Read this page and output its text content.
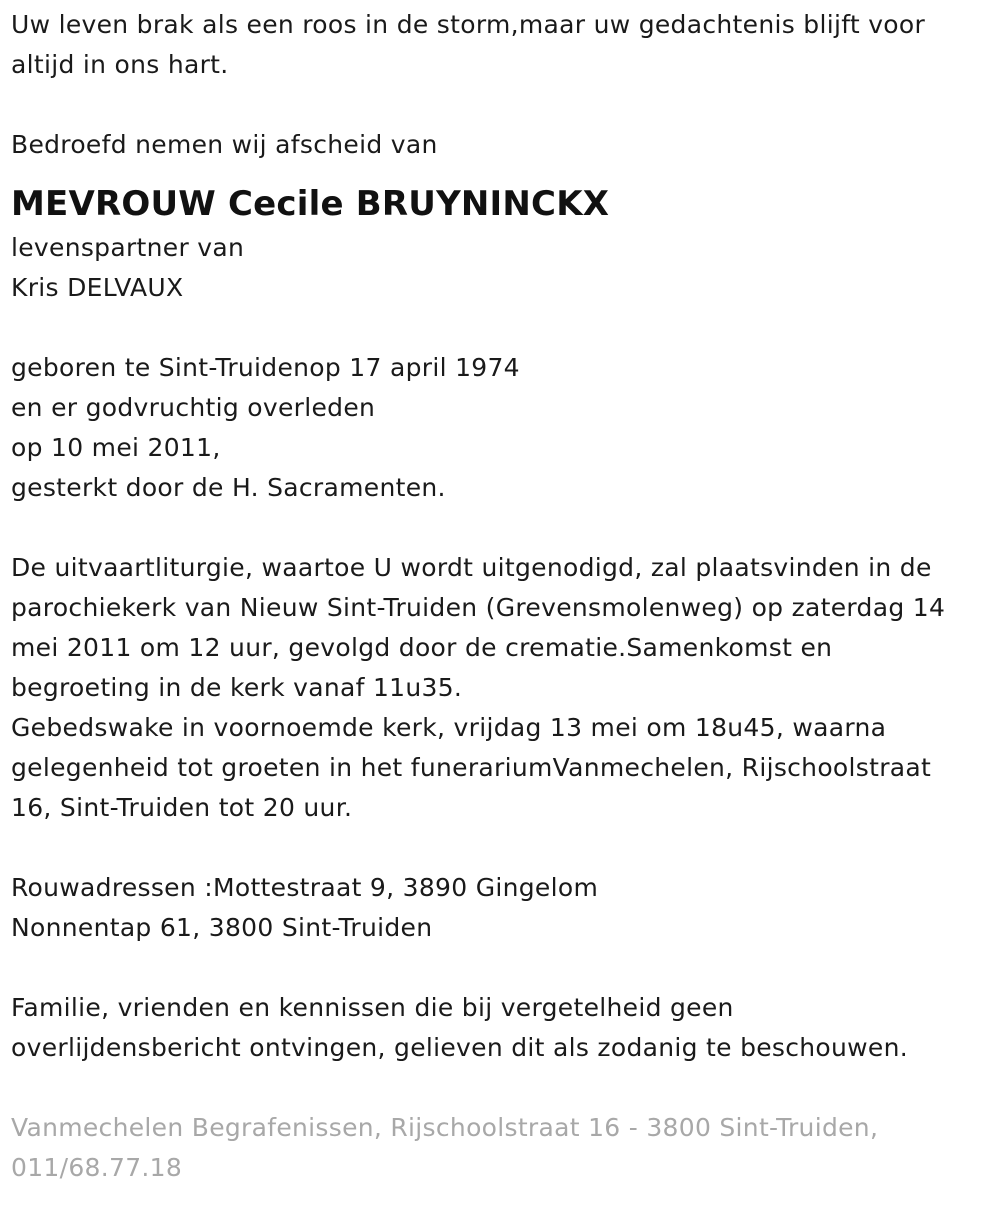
Uw leven brak als een roos in de storm,maar uw gedachtenis blijft voor
altijd in ons hart.
Bedroefd nemen wij afscheid van
MEVROUW Cecile BRUYNINCKX
levenspartner van
Kris DELVAUX
geboren te Sint-Truidenop 17 april 1974
en er godvruchtig overleden
op 10 mei 2011,
gesterkt door de H. Sacramenten.
De uitvaartliturgie, waartoe U wordt uitgenodigd, zal plaatsvinden in de
parochiekerk van Nieuw Sint-Truiden (Grevensmolenweg) op zaterdag 14
mei 2011 om 12 uur, gevolgd door de crematie.Samenkomst en
begroeting in de kerk vanaf 11u35.
Gebedswake in voornoemde kerk, vrijdag 13 mei om 18u45, waarna
gelegenheid tot groeten in het funerariumVanmechelen, Rijschoolstraat
16, Sint-Truiden tot 20 uur.
Rouwadressen :Mottestraat 9, 3890 Gingelom
Nonnentap 61, 3800 Sint-Truiden
Familie, vrienden en kennissen die bij vergetelheid geen
overlijdensbericht ontvingen, gelieven dit als zodanig te beschouwen.
Vanmechelen Begrafenissen, Rijschoolstraat 16 - 3800 Sint-Truiden,
011/68.77.18
